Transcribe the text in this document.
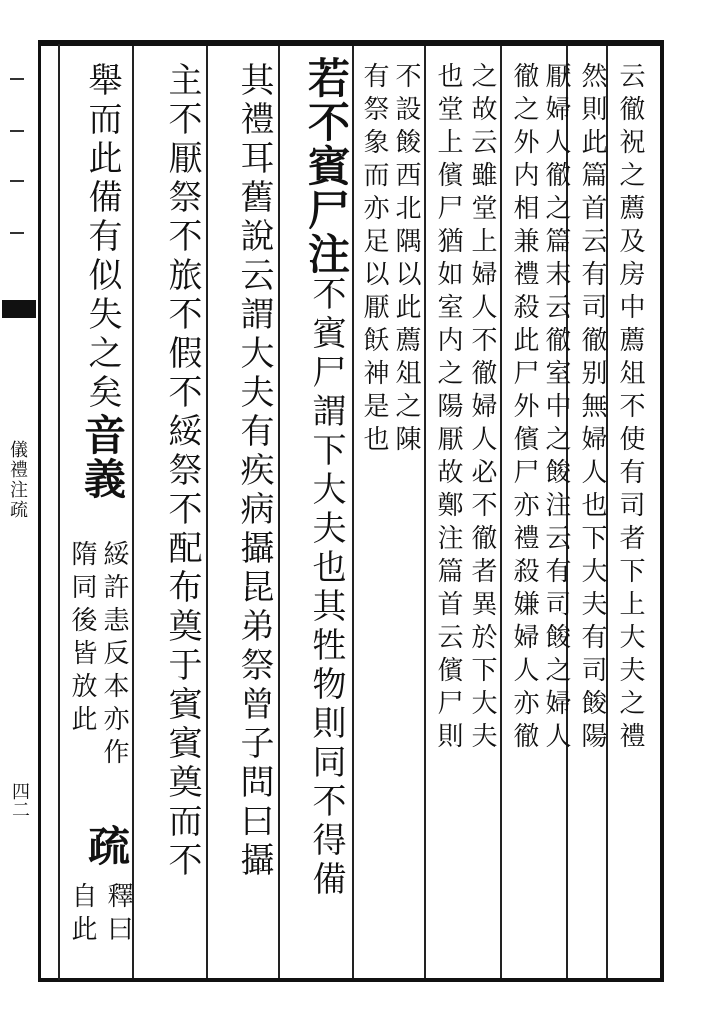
儀禮注疏
四二
云徹祝之薦及房中薦俎不使有司者下上大夫之禮
然則此篇首云有司徹别無婦人也下大夫有司餕陽
厭婦人徹之篇末云徹室中之餕注云有司餕之婦人
徹之外内相兼禮殺此尸外儐尸亦禮殺嫌婦人亦徹
之故云雖堂上婦人不徹婦人必不徹者異於下大夫
也堂上儐尸猶如室内之陽厭故鄭注篇首云儐尸則
不設餕西北隅以此薦俎之陳
有祭象而亦足以厭飫神是也
若不賓尸注不賓尸謂下大夫也其牲物則同不得備
其禮耳舊說云謂大夫有疾病攝昆弟祭曾子問曰攝
主不厭祭不旅不假不綏祭不配布奠于賓賓奠而不
舉而此備有似失之矣音義
綏許恚反本亦作
隋同後皆放此
疏
釋曰
自此
